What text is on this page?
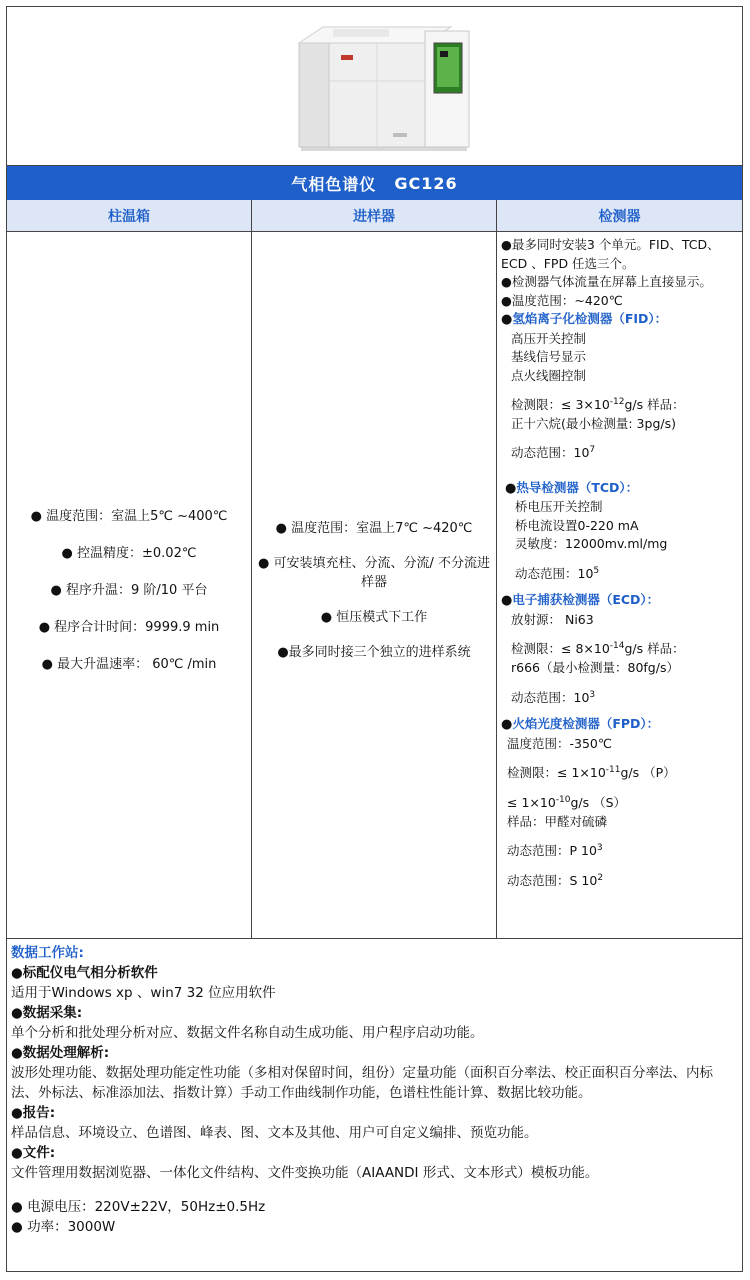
气相色谱仪 GC126
柱温箱	进样器	检测器

● 温度范围：室温上5℃ ~400℃

● 控温精度：±0.02℃

● 程序升温：9 阶/10 平台

● 程序合计时间：9999.9 min

● 最大升温速率： 60℃ /min

● 温度范围：室温上7℃ ~420℃

● 可安装填充柱、分流、分流/ 不分流进样器

● 恒压模式下工作

●最多同时接三个独立的进样系统

●最多同时安装3 个单元。FID、TCD、ECD 、FPD 任选三个。

●检测器气体流量在屏幕上直接显示。

●温度范围：~420℃

●氢焰离子化检测器（FID）：

高压开关控制

基线信号显示

点火线圈控制

检测限：≤ $3\times 10^{-12}g/s$ 样品：

正十六烷(最小检测量: 3pg/s)

动态范围：$10^7$

●热导检测器（TCD）：

桥电压开关控制

桥电流设置0-220 mA

灵敏度：12000mv.ml/mg

动态范围：$10^5$

●电子捕获检测器（ECD）：

放射源： Ni63

检测限：≤ $8\times 10^{-14}g/s$ 样品：

r666（最小检测量：80fg/s）

动态范围：$10^3$

●火焰光度检测器（FPD）：

温度范围：-350℃

检测限：≤ $1\times 10^{-11}g/s$ （P）

≤ $1\times 10^{-10}g/s$ （S）

样品：甲醛对硫磷

动态范围：P $10^3$

动态范围：S $10^2$

数据工作站:

●标配仪电气相分析软件

适用于Windows xp 、win7 32 位应用软件

●数据采集:

单个分析和批处理分析对应、数据文件名称自动生成功能、用户程序启动功能。

●数据处理解析:

波形处理功能、数据处理功能定性功能（多相对保留时间，组份）定量功能（面积百分率法、校正面积百分率法、内标法、外标法、标准添加法、指数计算）手动工作曲线制作功能，色谱柱性能计算、数据比较功能。

●报告:

样品信息、环境设立、色谱图、峰表、图、文本及其他、用户可自定义编排、预览功能。

●文件:

文件管理用数据浏览器、一体化文件结构、文件变换功能（AIAANDI 形式、文本形式）模板功能。

● 电源电压：220V±22V，50Hz±0.5Hz

● 功率：3000W
